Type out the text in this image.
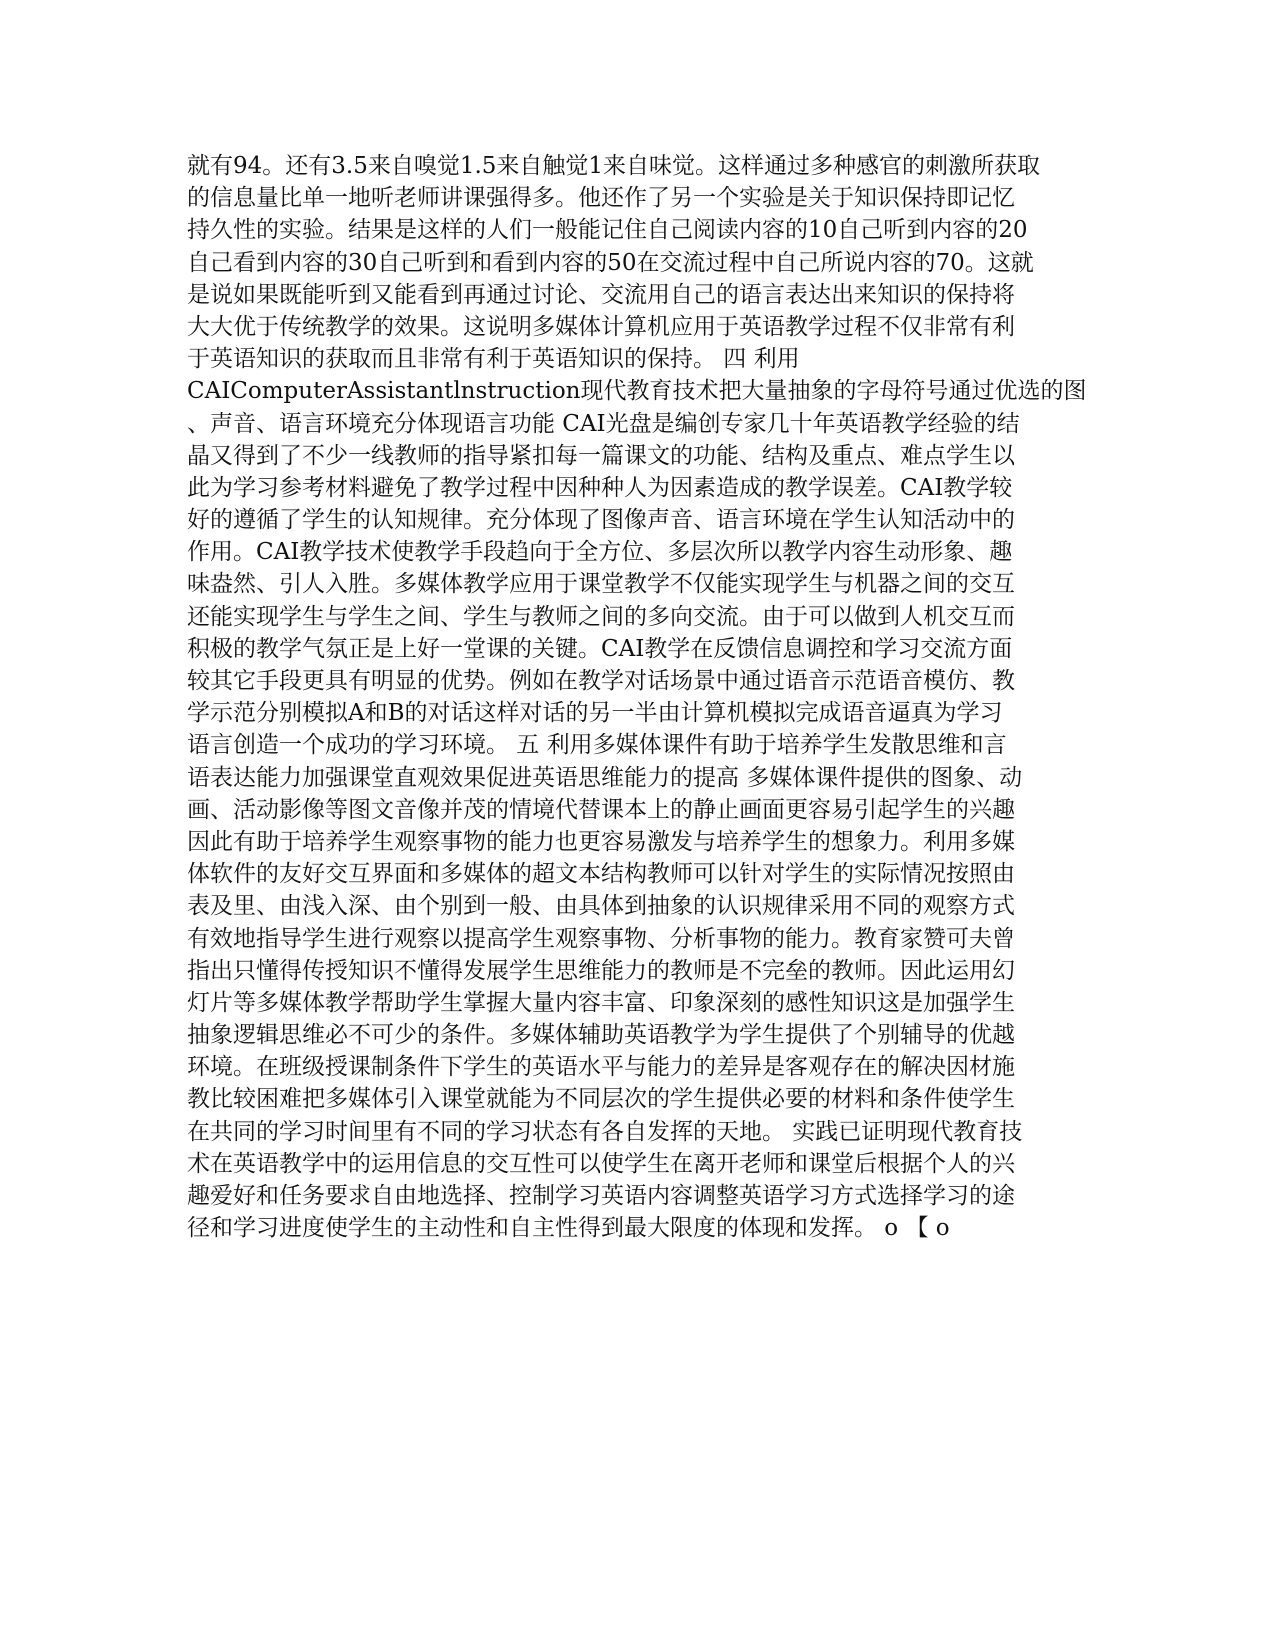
就有94。还有3.5来自嗅觉1.5来自触觉1来自味觉。这样通过多种感官的刺激所获取
的信息量比单一地听老师讲课强得多。他还作了另一个实验是关于知识保持即记忆
持久性的实验。结果是这样的人们一般能记住自己阅读内容的10自己听到内容的20
自己看到内容的30自己听到和看到内容的50在交流过程中自己所说内容的70。这就
是说如果既能听到又能看到再通过讨论、交流用自己的语言表达出来知识的保持将
大大优于传统教学的效果。这说明多媒体计算机应用于英语教学过程不仅非常有利
于英语知识的获取而且非常有利于英语知识的保持。 四 利用
CAIComputerAssistantlnstruction现代教育技术把大量抽象的字母符号通过优选的图
、声音、语言环境充分体现语言功能 CAI光盘是编创专家几十年英语教学经验的结
晶又得到了不少一线教师的指导紧扣每一篇课文的功能、结构及重点、难点学生以
此为学习参考材料避免了教学过程中因种种人为因素造成的教学误差。CAI教学较
好的遵循了学生的认知规律。充分体现了图像声音、语言环境在学生认知活动中的
作用。CAI教学技术使教学手段趋向于全方位、多层次所以教学内容生动形象、趣
味盎然、引人入胜。多媒体教学应用于课堂教学不仅能实现学生与机器之间的交互
还能实现学生与学生之间、学生与教师之间的多向交流。由于可以做到人机交互而
积极的教学气氛正是上好一堂课的关键。CAI教学在反馈信息调控和学习交流方面
较其它手段更具有明显的优势。例如在教学对话场景中通过语音示范语音模仿、教
学示范分别模拟A和B的对话这样对话的另一半由计算机模拟完成语音逼真为学习
语言创造一个成功的学习环境。 五 利用多媒体课件有助于培养学生发散思维和言
语表达能力加强课堂直观效果促进英语思维能力的提高 多媒体课件提供的图象、动
画、活动影像等图文音像并茂的情境代替课本上的静止画面更容易引起学生的兴趣
因此有助于培养学生观察事物的能力也更容易激发与培养学生的想象力。利用多媒
体软件的友好交互界面和多媒体的超文本结构教师可以针对学生的实际情况按照由
表及里、由浅入深、由个别到一般、由具体到抽象的认识规律采用不同的观察方式
有效地指导学生进行观察以提高学生观察事物、分析事物的能力。教育家赞可夫曾
指出只懂得传授知识不懂得发展学生思维能力的教师是不完垒的教师。因此运用幻
灯片等多媒体教学帮助学生掌握大量内容丰富、印象深刻的感性知识这是加强学生
抽象逻辑思维必不可少的条件。多媒体辅助英语教学为学生提供了个别辅导的优越
环境。在班级授课制条件下学生的英语水平与能力的差异是客观存在的解决因材施
教比较困难把多媒体引入课堂就能为不同层次的学生提供必要的材料和条件使学生
在共同的学习时间里有不同的学习状态有各自发挥的天地。 实践已证明现代教育技
术在英语教学中的运用信息的交互性可以使学生在离开老师和课堂后根据个人的兴
趣爱好和任务要求自由地选择、控制学习英语内容调整英语学习方式选择学习的途
径和学习进度使学生的主动性和自主性得到最大限度的体现和发挥。 o 【 o
